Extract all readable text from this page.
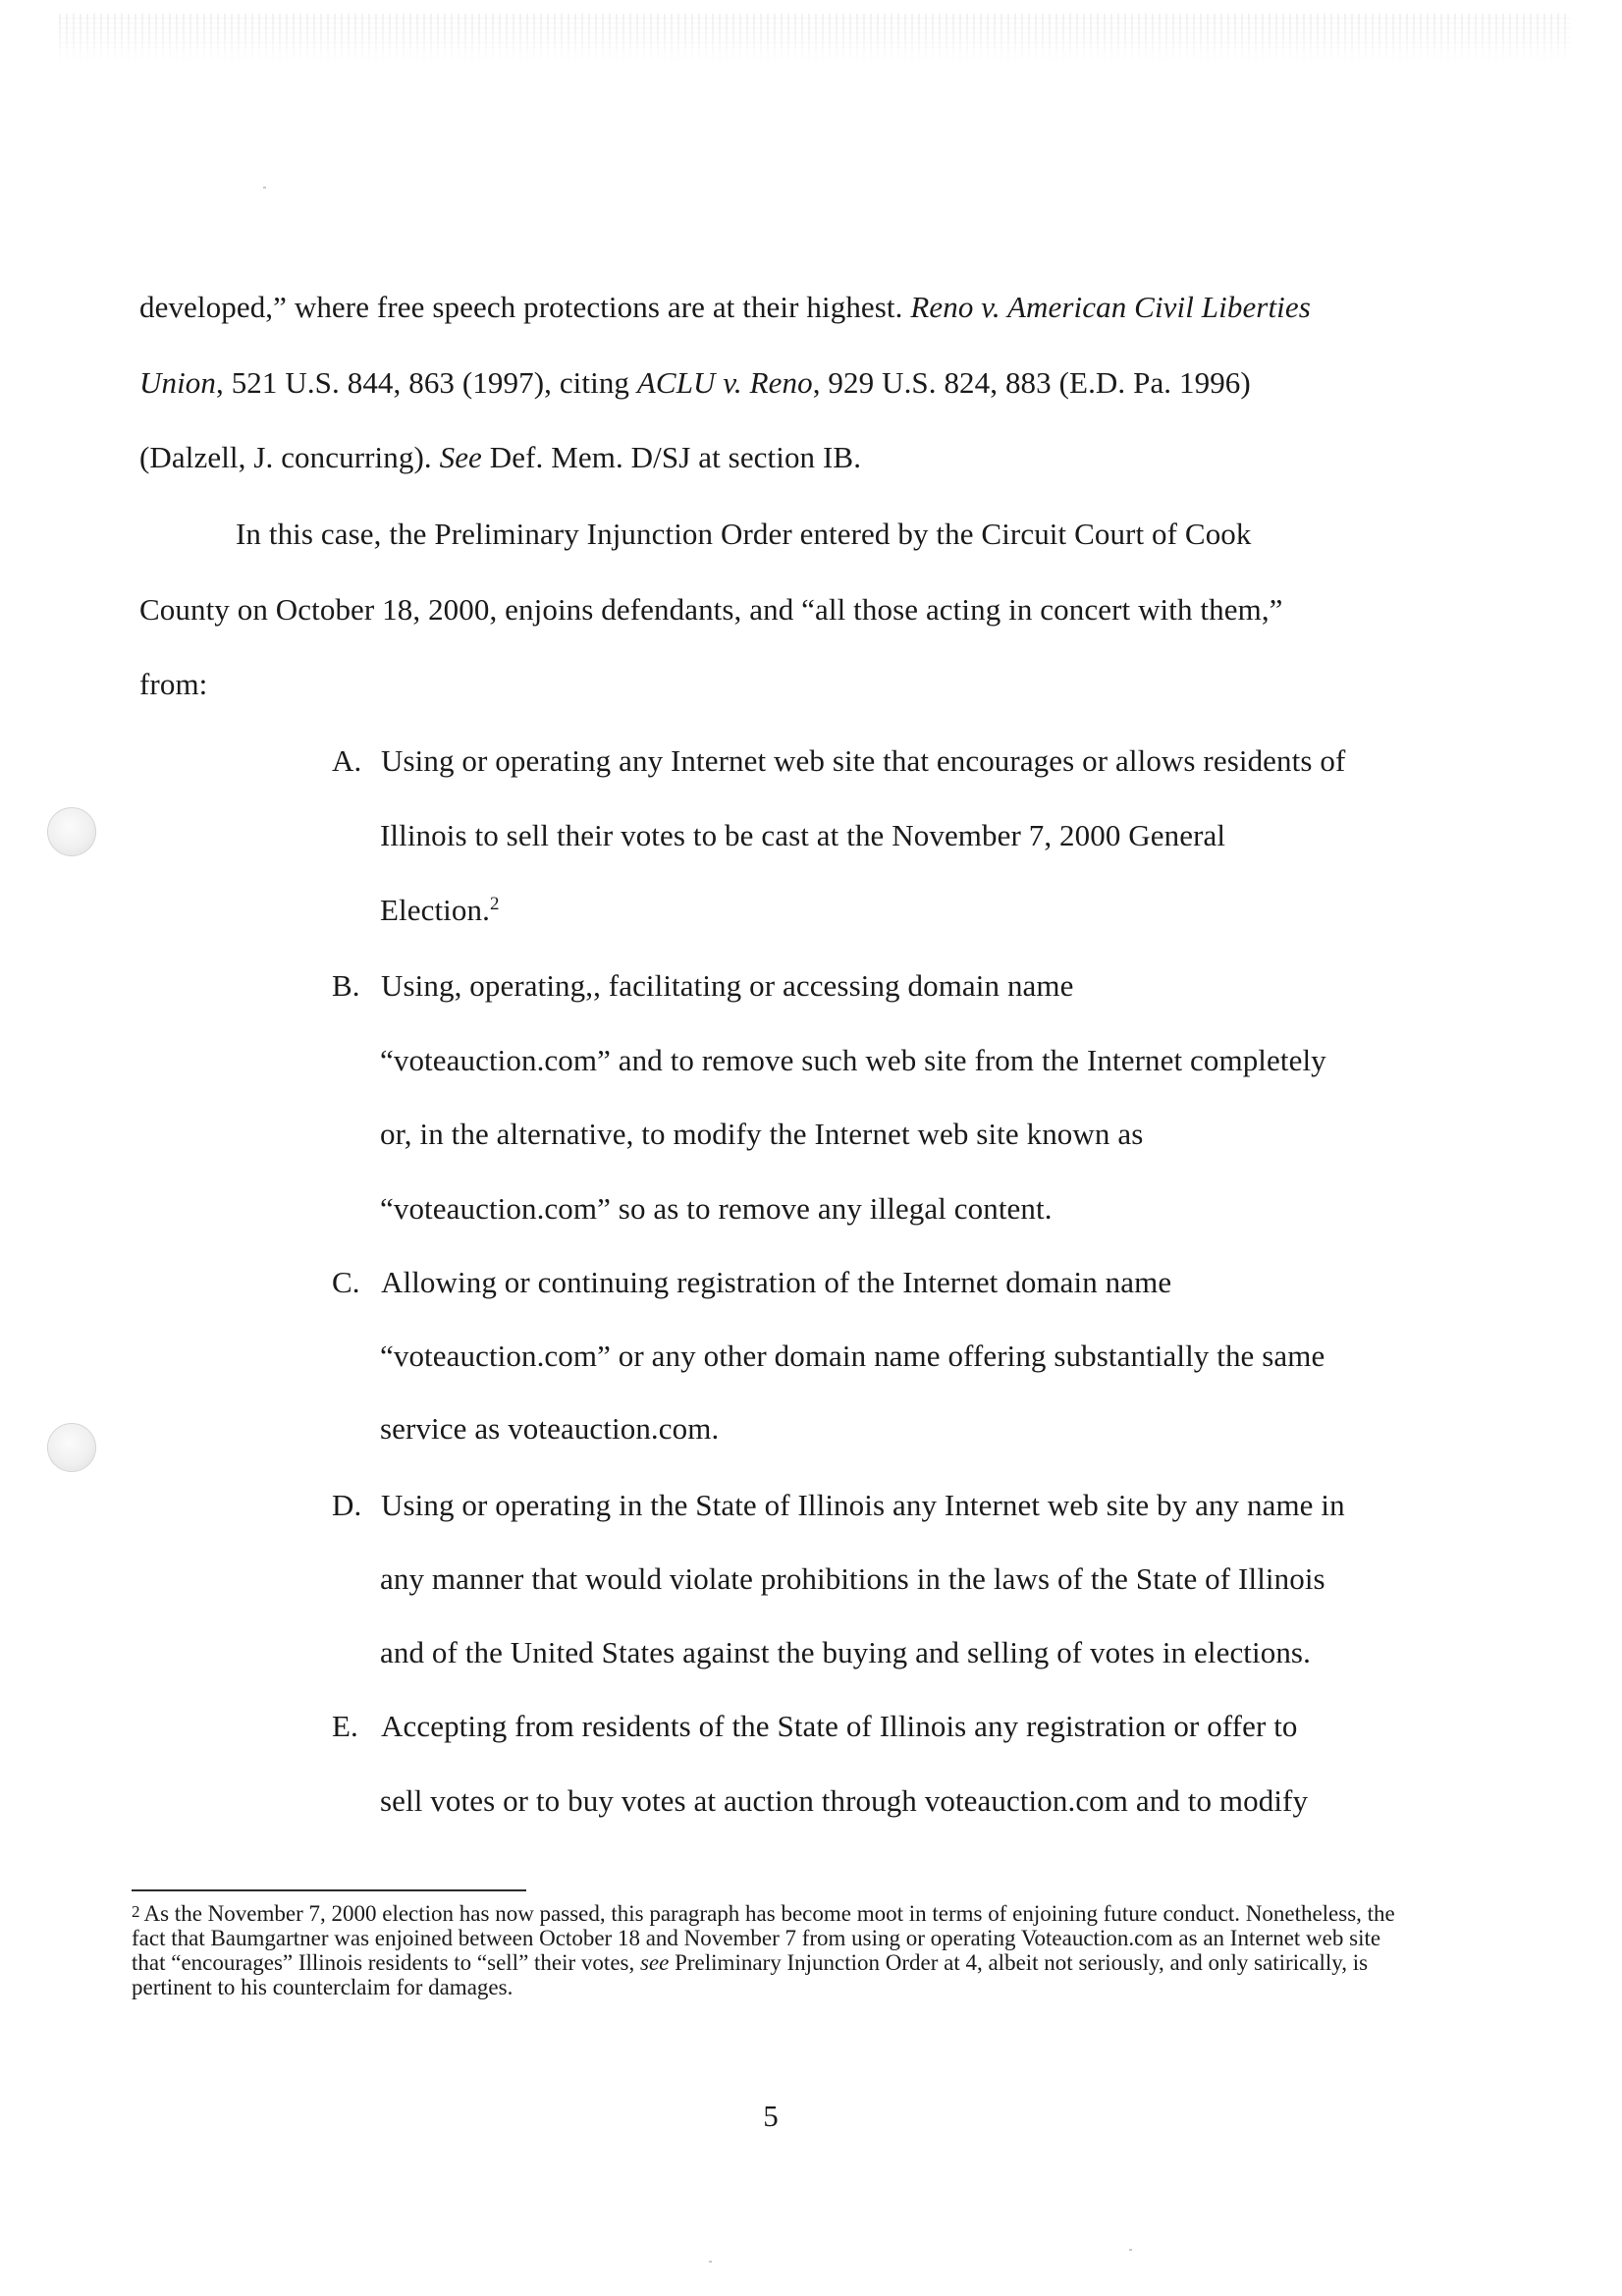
developed,” where free speech protections are at their highest. Reno v. American Civil Liberties
Union, 521 U.S. 844, 863 (1997), citing ACLU v. Reno, 929 U.S. 824, 883 (E.D. Pa. 1996)
(Dalzell, J. concurring). See Def. Mem. D/SJ at section IB.
In this case, the Preliminary Injunction Order entered by the Circuit Court of Cook
County on October 18, 2000, enjoins defendants, and “all those acting in concert with them,”
from:
A. Using or operating any Internet web site that encourages or allows residents of
Illinois to sell their votes to be cast at the November 7, 2000 General
Election.$^2$
B. Using, operating,, facilitating or accessing domain name
“voteauction.com” and to remove such web site from the Internet completely
or, in the alternative, to modify the Internet web site known as
“voteauction.com” so as to remove any illegal content.
C. Allowing or continuing registration of the Internet domain name
“voteauction.com” or any other domain name offering substantially the same
service as voteauction.com.
D. Using or operating in the State of Illinois any Internet web site by any name in
any manner that would violate prohibitions in the laws of the State of Illinois
and of the United States against the buying and selling of votes in elections.
E. Accepting from residents of the State of Illinois any registration or offer to
sell votes or to buy votes at auction through voteauction.com and to modify
$^2$ As the November 7, 2000 election has now passed, this paragraph has become moot in terms of enjoining future conduct. Nonetheless, the fact that Baumgartner was enjoined between October 18 and November 7 from using or operating Voteauction.com as an Internet web site that “encourages” Illinois residents to “sell” their votes, see Preliminary Injunction Order at 4, albeit not seriously, and only satirically, is pertinent to his counterclaim for damages.
5
